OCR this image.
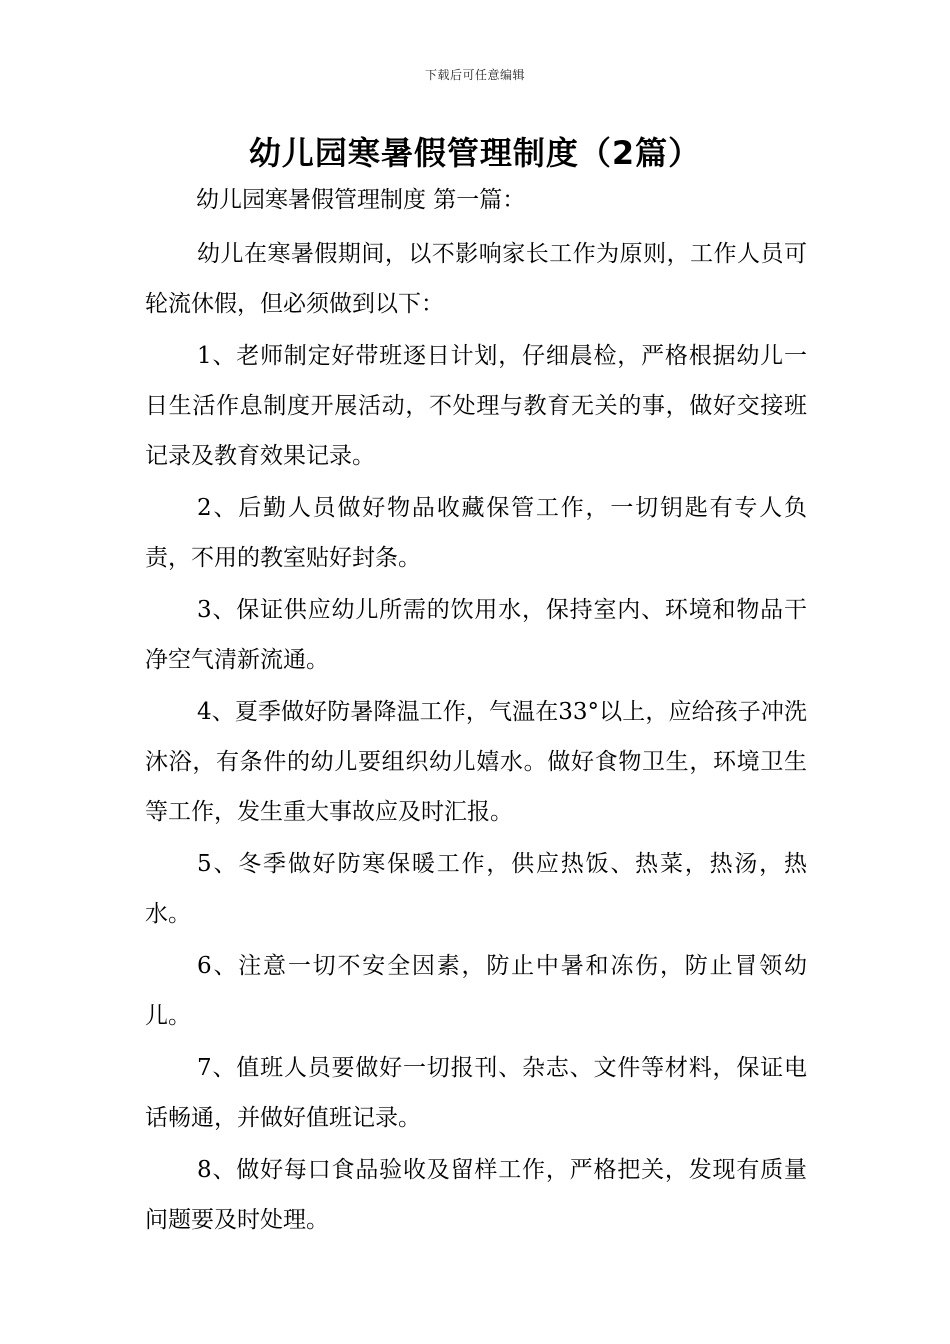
下载后可任意编辑
幼儿园寒暑假管理制度（2篇）
幼儿园寒暑假管理制度 第一篇：

幼儿在寒暑假期间，以不影响家长工作为原则，工作人员可轮流休假，但必须做到以下：

1、老师制定好带班逐日计划，仔细晨检，严格根据幼儿一日生活作息制度开展活动，不处理与教育无关的事，做好交接班记录及教育效果记录。

2、后勤人员做好物品收藏保管工作，一切钥匙有专人负责，不用的教室贴好封条。

3、保证供应幼儿所需的饮用水，保持室内、环境和物品干净空气清新流通。

4、夏季做好防暑降温工作，气温在33°以上，应给孩子冲洗沐浴，有条件的幼儿要组织幼儿嬉水。做好食物卫生，环境卫生等工作，发生重大事故应及时汇报。

5、冬季做好防寒保暖工作，供应热饭、热菜，热汤，热水。

6、注意一切不安全因素，防止中暑和冻伤，防止冒领幼儿。

7、值班人员要做好一切报刊、杂志、文件等材料，保证电话畅通，并做好值班记录。

8、做好每口食品验收及留样工作，严格把关，发现有质量问题要及时处理。
